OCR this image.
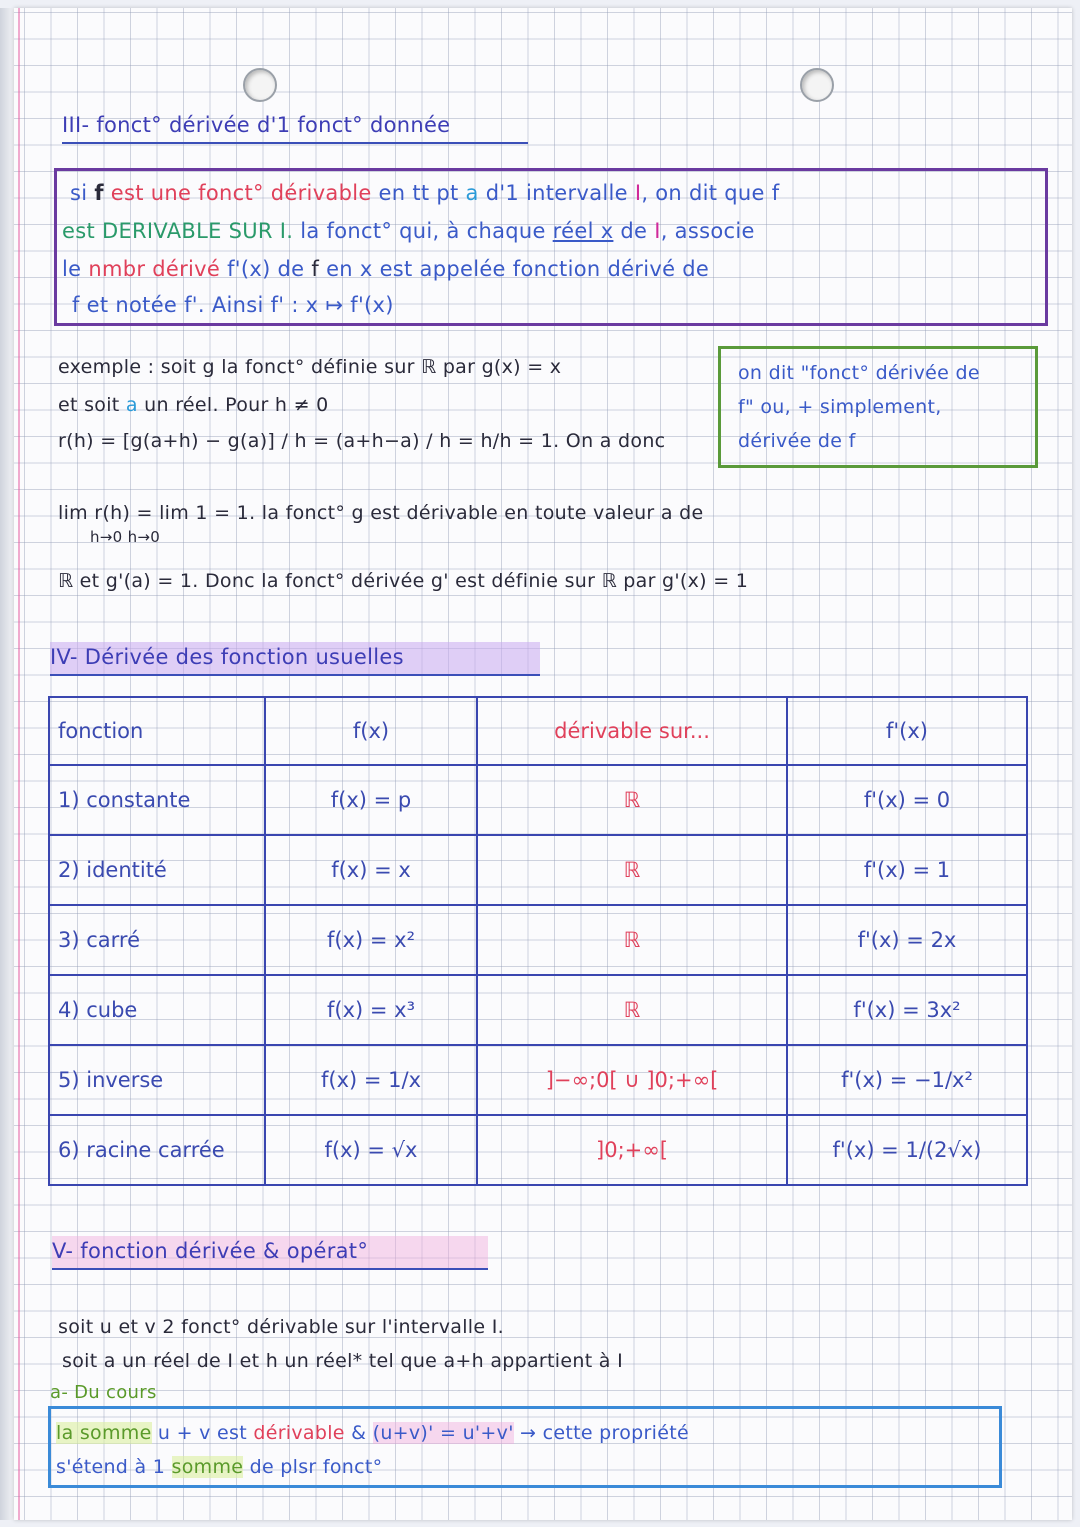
III- fonct° dérivée d'1 fonct° donnée
si f est une fonct° dérivable en tt pt a d'1 intervalle I, on dit que f
est DERIVABLE SUR I. la fonct° qui, à chaque réel x de I, associe
le nmbr dérivé f'(x) de f en x est appelée fonction dérivé de
f et notée f'. Ainsi f' : x ↦ f'(x)
exemple : soit g la fonct° définie sur ℝ par g(x) = x
et soit a un réel. Pour h ≠ 0
r(h) = [g(a+h) − g(a)] / h = (a+h−a) / h = h/h = 1. On a donc
lim r(h) = lim 1 = 1. la fonct° g est dérivable en toute valeur a de
h→0 h→0
ℝ et g'(a) = 1. Donc la fonct° dérivée g' est définie sur ℝ par g'(x) = 1
on dit "fonct° dérivée de
f" ou, + simplement,
dérivée de f
IV- Dérivée des fonction usuelles
fonction	f(x)	dérivable sur...	f'(x)
1) constante	f(x) = p	ℝ	f'(x) = 0
2) identité	f(x) = x	ℝ	f'(x) = 1
3) carré	f(x) = x²	ℝ	f'(x) = 2x
4) cube	f(x) = x³	ℝ	f'(x) = 3x²
5) inverse	f(x) = 1/x	]−∞;0[ ∪ ]0;+∞[	f'(x) = −1/x²
6) racine carrée	f(x) = √x	]0;+∞[	f'(x) = 1/(2√x)
V- fonction dérivée & opérat°
soit u et v 2 fonct° dérivable sur l'intervalle I.
soit a un réel de I et h un réel* tel que a+h appartient à I
a- Du cours
la somme u + v est dérivable & (u+v)' = u'+v' → cette propriété
s'étend à 1 somme de plsr fonct°
